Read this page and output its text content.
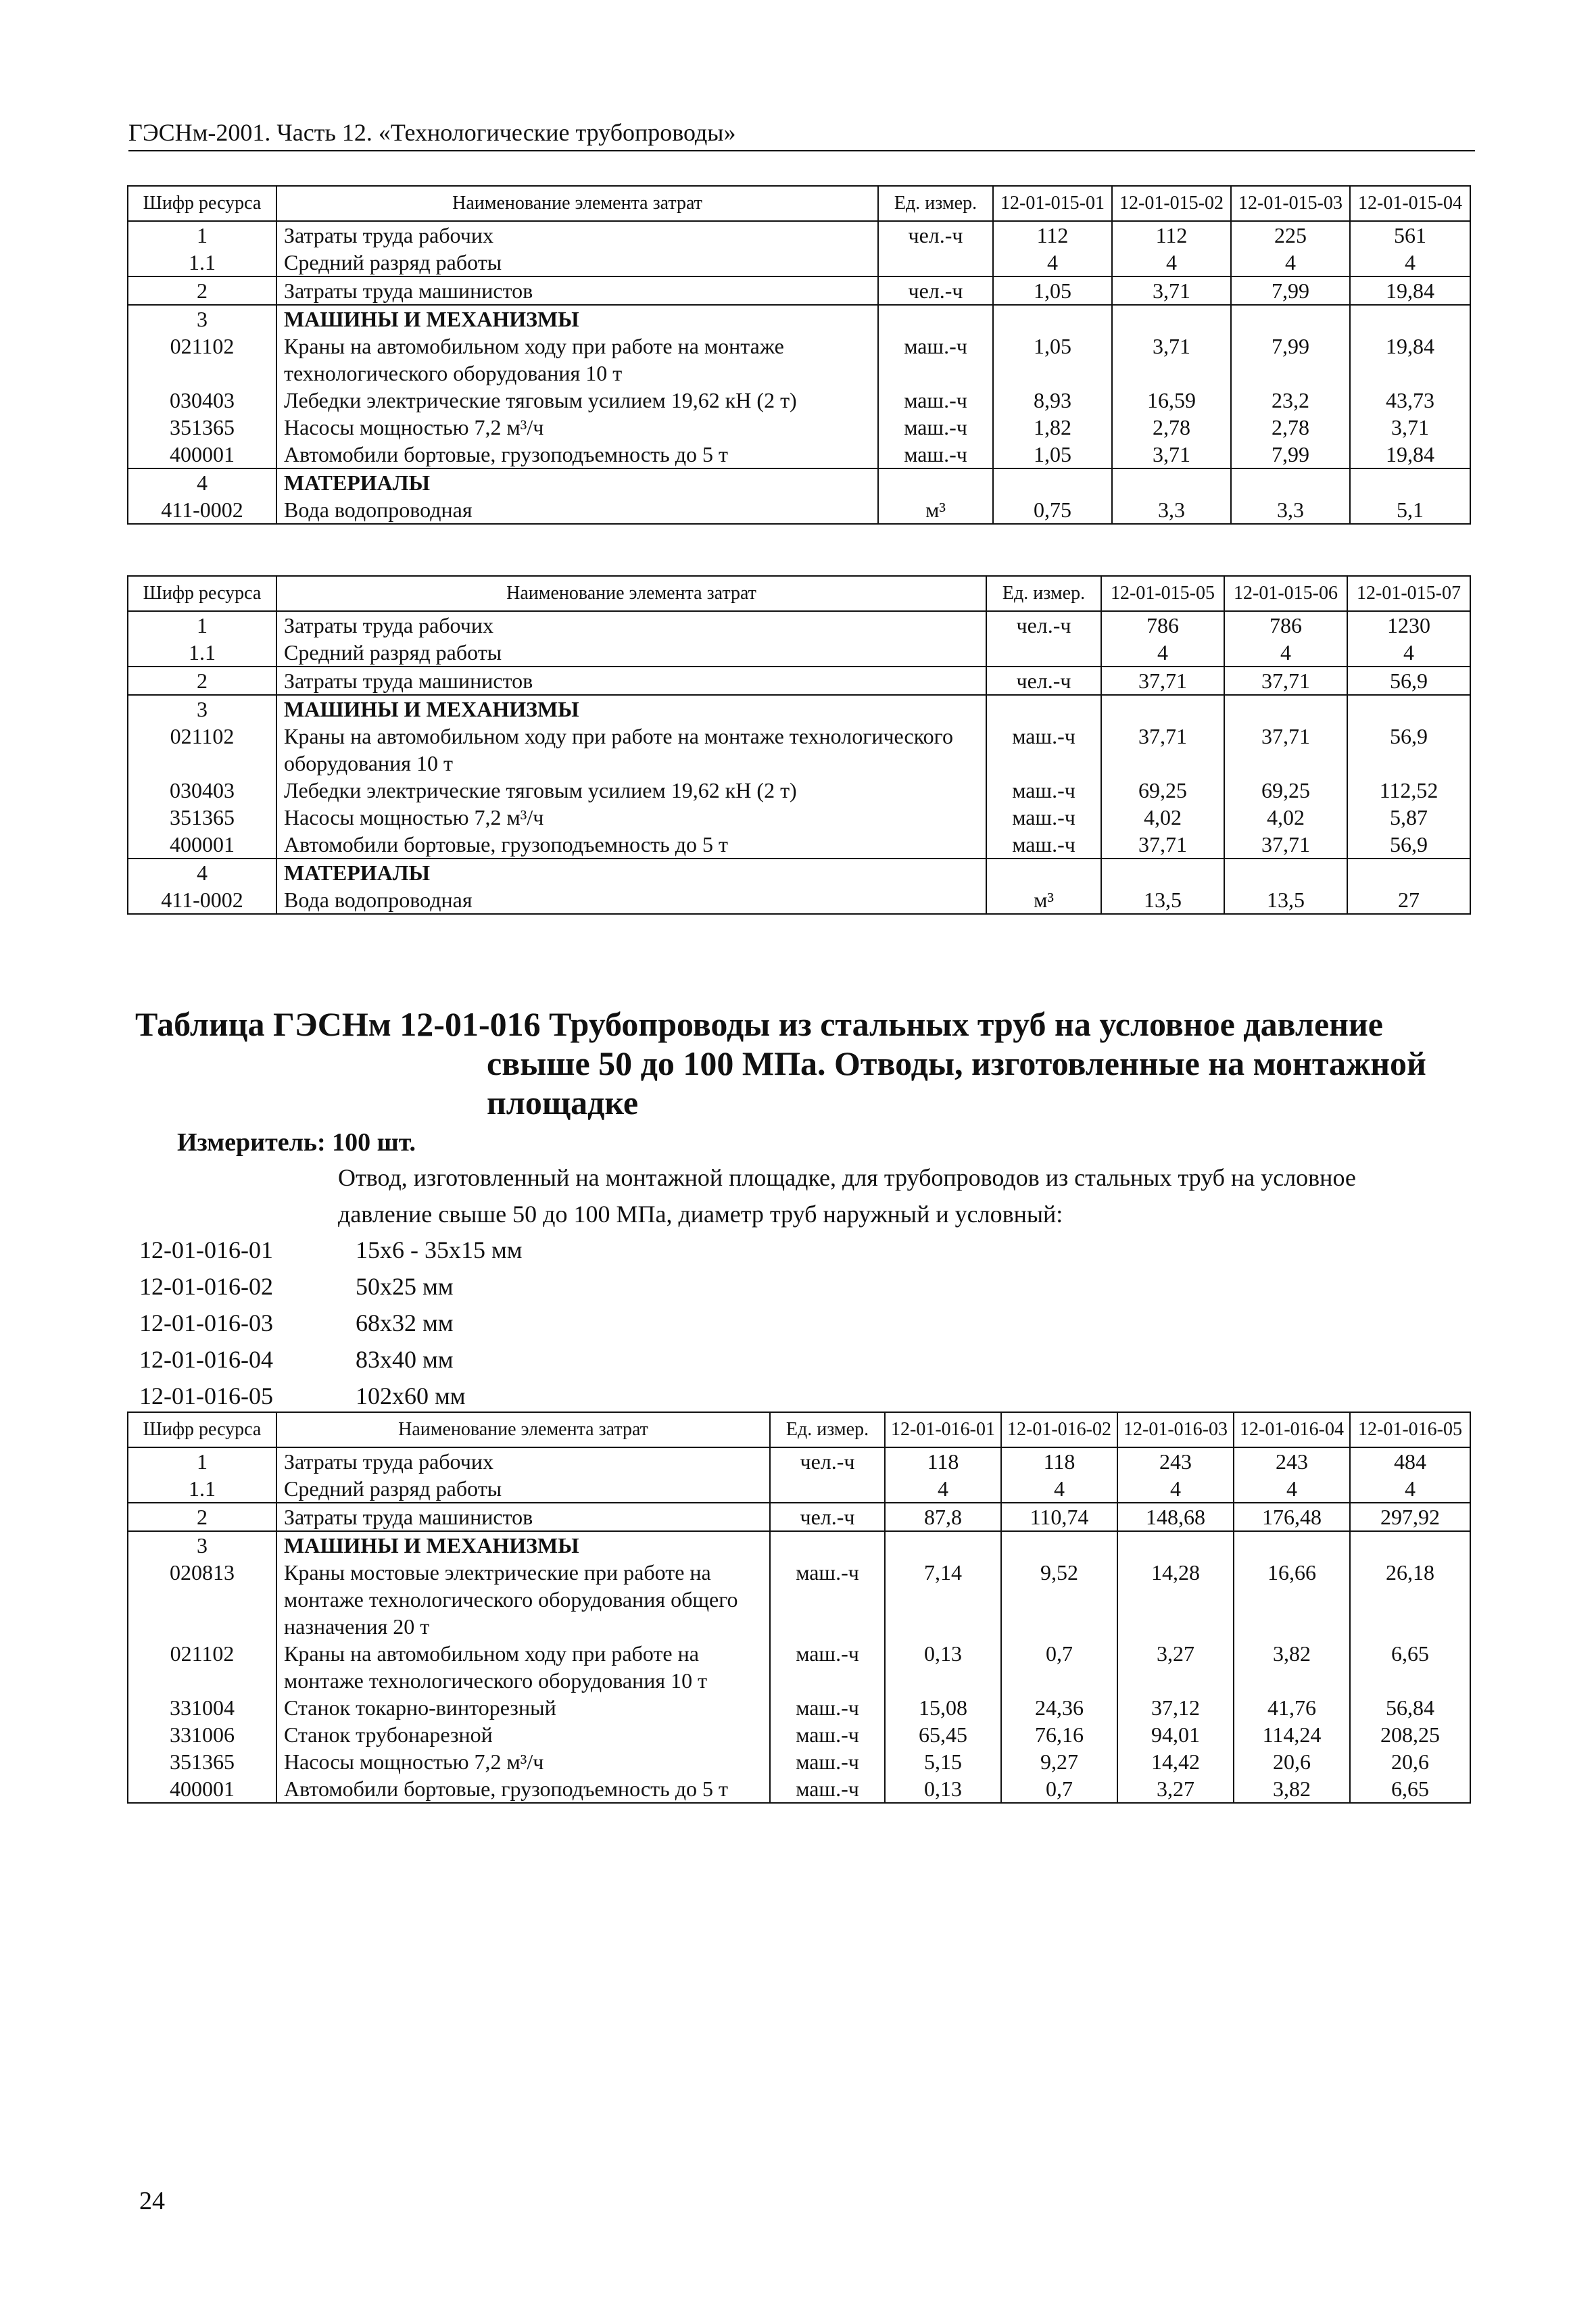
ГЭСНм-2001. Часть 12. «Технологические трубопроводы»
Шифр ресурса	Наименование элемента затрат	Ед. измер.	12-01-015-01	12-01-015-02	12-01-015-03	12-01-015-04
1	Затраты труда рабочих	чел.-ч	112	112	225	561
1.1	Средний разряд работы		4	4	4	4
2	Затраты труда машинистов	чел.-ч	1,05	3,71	7,99	19,84
3	МАШИНЫ И МЕХАНИЗМЫ					
021102	Краны на автомобильном ходу при работе на монтаже технологического оборудования 10 т	маш.-ч	1,05	3,71	7,99	19,84
030403	Лебедки электрические тяговым усилием 19,62 кН (2 т)	маш.-ч	8,93	16,59	23,2	43,73
351365	Насосы мощностью 7,2 м³/ч	маш.-ч	1,82	2,78	2,78	3,71
400001	Автомобили бортовые, грузоподъемность до 5 т	маш.-ч	1,05	3,71	7,99	19,84
4	МАТЕРИАЛЫ					
411-0002	Вода водопроводная	м³	0,75	3,3	3,3	5,1
Шифр ресурса	Наименование элемента затрат	Ед. измер.	12-01-015-05	12-01-015-06	12-01-015-07
1	Затраты труда рабочих	чел.-ч	786	786	1230
1.1	Средний разряд работы		4	4	4
2	Затраты труда машинистов	чел.-ч	37,71	37,71	56,9
3	МАШИНЫ И МЕХАНИЗМЫ				
021102	Краны на автомобильном ходу при работе на монтаже технологического оборудования 10 т	маш.-ч	37,71	37,71	56,9
030403	Лебедки электрические тяговым усилием 19,62 кН (2 т)	маш.-ч	69,25	69,25	112,52
351365	Насосы мощностью 7,2 м³/ч	маш.-ч	4,02	4,02	5,87
400001	Автомобили бортовые, грузоподъемность до 5 т	маш.-ч	37,71	37,71	56,9
4	МАТЕРИАЛЫ				
411-0002	Вода водопроводная	м³	13,5	13,5	27
Таблица ГЭСНм 12-01-016 Трубопроводы из стальных труб на условное давление
свыше 50 до 100 МПа. Отводы, изготовленные на монтажной
площадке
Измеритель: 100 шт.
Отвод, изготовленный на монтажной площадке, для трубопроводов из стальных труб на условное давление свыше 50 до 100 МПа, диаметр труб наружный и условный:
12-01-016-01	15х6 - 35х15 мм
12-01-016-02	50х25 мм
12-01-016-03	68х32 мм
12-01-016-04	83х40 мм
12-01-016-05	102х60 мм
Шифр ресурса	Наименование элемента затрат	Ед. измер.	12-01-016-01	12-01-016-02	12-01-016-03	12-01-016-04	12-01-016-05
1	Затраты труда рабочих	чел.-ч	118	118	243	243	484
1.1	Средний разряд работы		4	4	4	4	4
2	Затраты труда машинистов	чел.-ч	87,8	110,74	148,68	176,48	297,92
3	МАШИНЫ И МЕХАНИЗМЫ						
020813	Краны мостовые электрические при работе на монтаже технологического оборудования общего назначения 20 т	маш.-ч	7,14	9,52	14,28	16,66	26,18
021102	Краны на автомобильном ходу при работе на монтаже технологического оборудования 10 т	маш.-ч	0,13	0,7	3,27	3,82	6,65
331004	Станок токарно-винторезный	маш.-ч	15,08	24,36	37,12	41,76	56,84
331006	Станок трубонарезной	маш.-ч	65,45	76,16	94,01	114,24	208,25
351365	Насосы мощностью 7,2 м³/ч	маш.-ч	5,15	9,27	14,42	20,6	20,6
400001	Автомобили бортовые, грузоподъемность до 5 т	маш.-ч	0,13	0,7	3,27	3,82	6,65
24
